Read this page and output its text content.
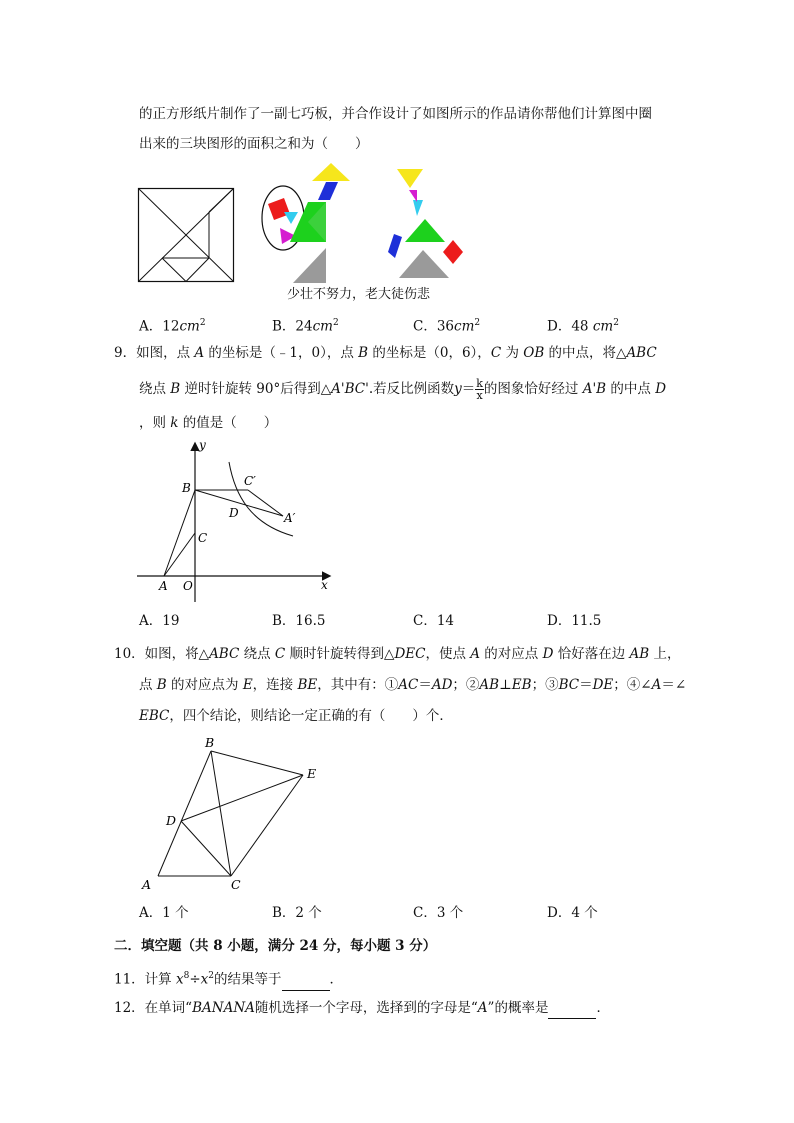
的正方形纸片制作了一副七巧板，并合作设计了如图所示的作品请你帮他们计算图中圈
出来的三块图形的面积之和为（　　）
少壮不努力，老大徒伤悲
A．$12cm^2$	B．$24cm^2$	C．$36cm^2$	D．48 $cm^2$
9．如图，点 A 的坐标是（﹣1，0），点 B 的坐标是（0，6），C 为 OB 的中点，将△ABC
绕点 B 逆时针旋转 90°后得到△A'BC'.若反比例函数$y= \frac{k}{x}$ 的图象恰好经过 A'B 的中点 D
，则 k 的值是（　　）
y
x
B	C′
D	A′
C
A O
A．19	B．16.5	C．14	D．11.5
10．如图，将△ABC 绕点 C 顺时针旋转得到△DEC，使点 A 的对应点 D 恰好落在边 AB 上，
点 B 的对应点为 E，连接 BE，其中有：①AC＝AD；②AB⊥EB；③BC＝DE；④∠A＝∠
EBC，四个结论，则结论一定正确的有（　　）个．
B
E
D
A	C
A．1 个	B．2 个	C．3 个	D．4 个
二．填空题（共 8 小题，满分 24 分，每小题 3 分）
11．计算 $x^8\div x^2$的结果等于	．
12．在单词“BANANA随机选择一个字母，选择到的字母是“A”的概率是	．
